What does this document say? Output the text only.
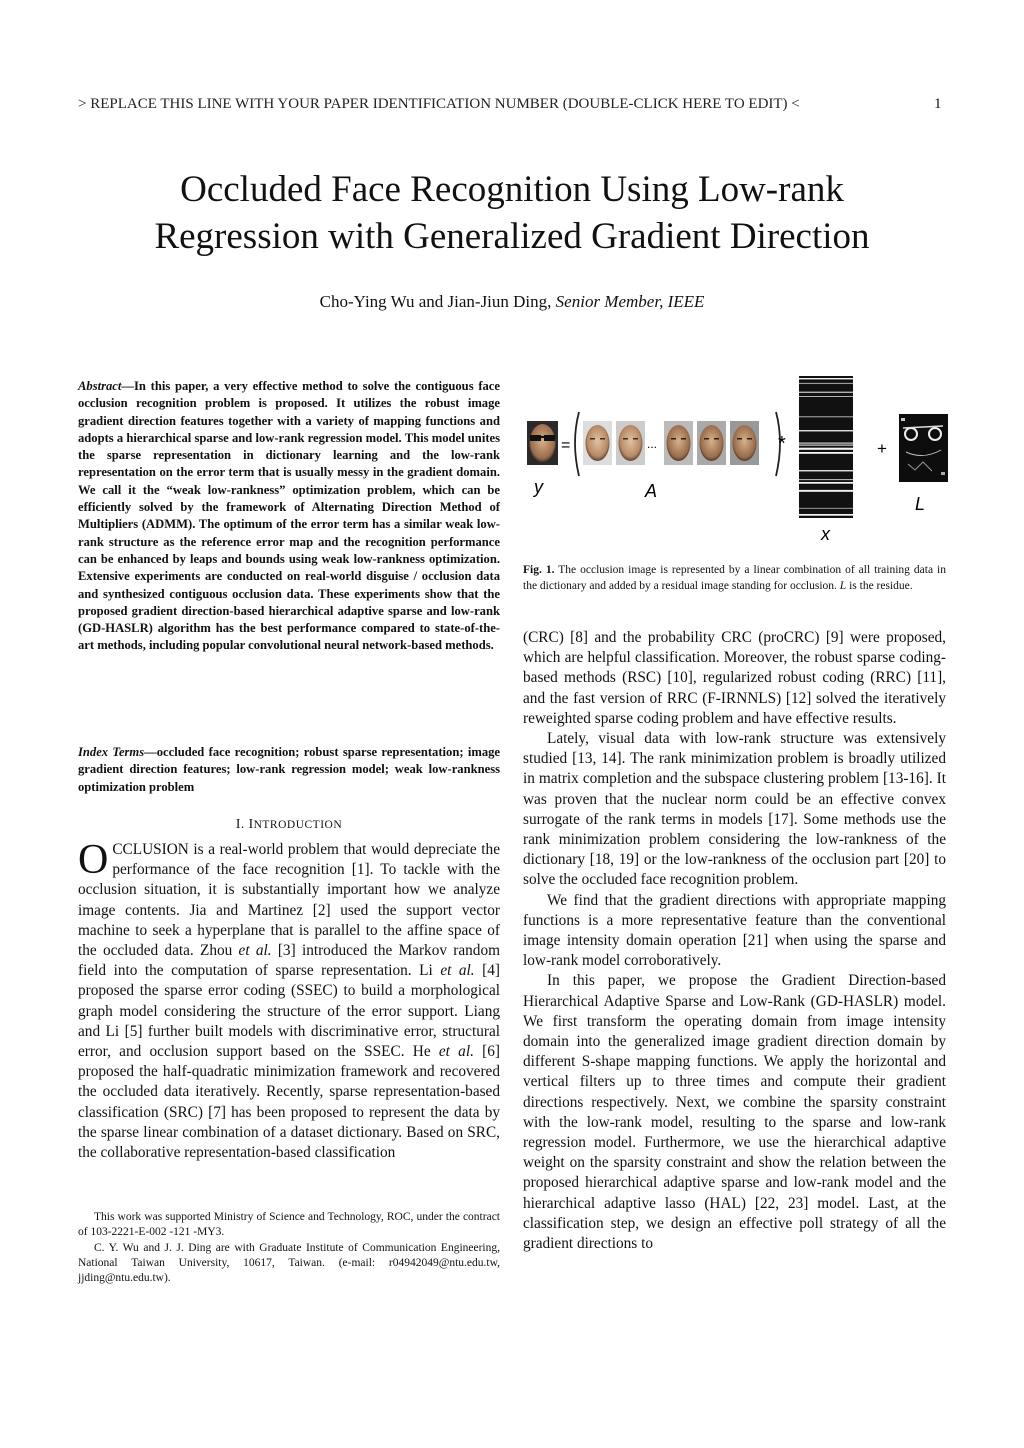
> REPLACE THIS LINE WITH YOUR PAPER IDENTIFICATION NUMBER (DOUBLE-CLICK HERE TO EDIT) <	1
Occluded Face Recognition Using Low-rank
Regression with Generalized Gradient Direction
Cho-Ying Wu and Jian-Jiun Ding, Senior Member, IEEE
Abstract—In this paper, a very effective method to solve the contiguous face occlusion recognition problem is proposed. It utilizes the robust image gradient direction features together with a variety of mapping functions and adopts a hierarchical sparse and low-rank regression model. This model unites the sparse representation in dictionary learning and the low-rank representation on the error term that is usually messy in the gradient domain. We call it the “weak low-rankness” optimization problem, which can be efficiently solved by the framework of Alternating Direction Method of Multipliers (ADMM). The optimum of the error term has a similar weak low-rank structure as the reference error map and the recognition performance can be enhanced by leaps and bounds using weak low-rankness optimization. Extensive experiments are conducted on real-world disguise / occlusion data and synthesized contiguous occlusion data. These experiments show that the proposed gradient direction-based hierarchical adaptive sparse and low-rank (GD-HASLR) algorithm has the best performance compared to state-of-the-art methods, including popular convolutional neural network-based methods.
Index Terms—occluded face recognition; robust sparse representation; image gradient direction features; low-rank regression model; weak low-rankness optimization problem
I. INTRODUCTION
OCCLUSION is a real-world problem that would depreciate the performance of the face recognition [1]. To tackle with the occlusion situation, it is substantially important how we analyze image contents. Jia and Martinez [2] used the support vector machine to seek a hyperplane that is parallel to the affine space of the occluded data. Zhou et al. [3] introduced the Markov random field into the computation of sparse representation. Li et al. [4] proposed the sparse error coding (SSEC) to build a morphological graph model considering the structure of the error support. Liang and Li [5] further built models with discriminative error, structural error, and occlusion support based on the SSEC. He et al. [6] proposed the half-quadratic minimization framework and recovered the occluded data iteratively. Recently, sparse representation-based classification (SRC) [7] has been proposed to represent the data by the sparse linear combination of a dataset dictionary. Based on SRC, the collaborative representation-based classification

This work was supported Ministry of Science and Technology, ROC, under the contract of 103-2221-E-002 -121 -MY3.

C. Y. Wu and J. J. Ding are with Graduate Institute of Communication Engineering, National Taiwan University, 10617, Taiwan. (e-mail: r04942049@ntu.edu.tw, jjding@ntu.edu.tw).

y
=	...
A
*
x
+
L
Fig. 1. The occlusion image is represented by a linear combination of all training data in the dictionary and added by a residual image standing for occlusion. L is the residue.

(CRC) [8] and the probability CRC (proCRC) [9] were proposed, which are helpful classification. Moreover, the robust sparse coding-based methods (RSC) [10], regularized robust coding (RRC) [11], and the fast version of RRC (F-IRNNLS) [12] solved the iteratively reweighted sparse coding problem and have effective results.

Lately, visual data with low-rank structure was extensively studied [13, 14]. The rank minimization problem is broadly utilized in matrix completion and the subspace clustering problem [13-16]. It was proven that the nuclear norm could be an effective convex surrogate of the rank terms in models [17]. Some methods use the rank minimization problem considering the low-rankness of the dictionary [18, 19] or the low-rankness of the occlusion part [20] to solve the occluded face recognition problem.

We find that the gradient directions with appropriate mapping functions is a more representative feature than the conventional image intensity domain operation [21] when using the sparse and low-rank model corroboratively.

In this paper, we propose the Gradient Direction-based Hierarchical Adaptive Sparse and Low-Rank (GD-HASLR) model. We first transform the operating domain from image intensity domain into the generalized image gradient direction domain by different S-shape mapping functions. We apply the horizontal and vertical filters up to three times and compute their gradient directions respectively. Next, we combine the sparsity constraint with the low-rank model, resulting to the sparse and low-rank regression model. Furthermore, we use the hierarchical adaptive weight on the sparsity constraint and show the relation between the proposed hierarchical adaptive sparse and low-rank model and the hierarchical adaptive lasso (HAL) [22, 23] model. Last, at the classification step, we design an effective poll strategy of all the gradient directions to
